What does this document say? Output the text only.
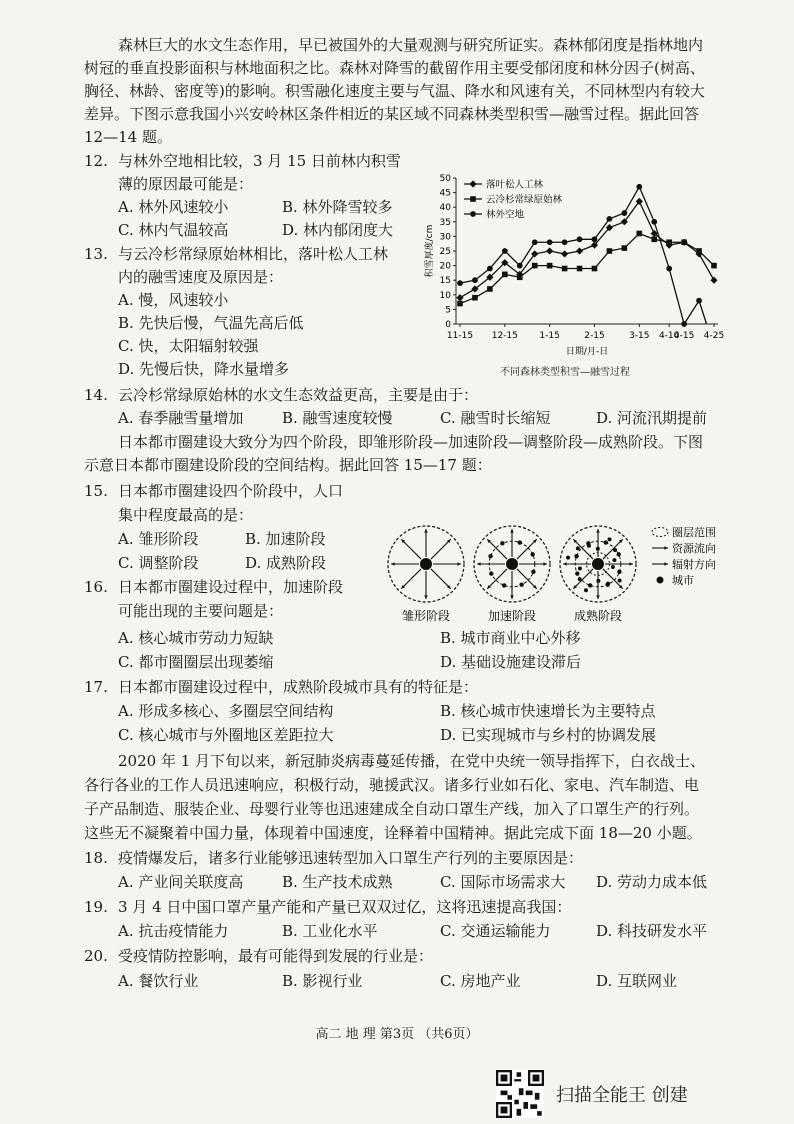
森林巨大的水文生态作用，早已被国外的大量观测与研究所证实。森林郁闭度是指林地内
树冠的垂直投影面积与林地面积之比。森林对降雪的截留作用主要受郁闭度和林分因子(树高、
胸径、林龄、密度等)的影响。积雪融化速度主要与气温、降水和风速有关，不同林型内有较大
差异。下图示意我国小兴安岭林区条件相近的某区域不同森林类型积雪—融雪过程。据此回答
12—14 题。
12. 与林外空地相比较，3 月 15 日前林内积雪
薄的原因最可能是：
A. 林外风速较小	B. 林外降雪较多
C. 林内气温较高	D. 林内郁闭度大
13. 与云冷杉常绿原始林相比，落叶松人工林
内的融雪速度及原因是：
A. 慢，风速较小
B. 先快后慢，气温先高后低
C. 快，太阳辐射较强
D. 先慢后快，降水量增多
0
5
10
15
20
25
30
35
40
45
50
11-15 12-15 1-15	2-15	3-15 4-10
4-15 4-25
日期/月-日
积雪厚度/cm
落叶松人工林
云冷杉常绿原始林
林外空地
不同森林类型积雪—融雪过程
14. 云冷杉常绿原始林的水文生态效益更高，主要是由于：
A. 春季融雪量增加	B. 融雪速度较慢	C. 融雪时长缩短	D. 河流汛期提前
日本都市圈建设大致分为四个阶段，即雏形阶段—加速阶段—调整阶段—成熟阶段。下图
示意日本都市圈建设阶段的空间结构。据此回答 15—17 题：
15. 日本都市圈建设四个阶段中，人口
集中程度最高的是：
A. 雏形阶段	B. 加速阶段
C. 调整阶段	D. 成熟阶段
雏形阶段	加速阶段	成熟阶段
圈层范围
资源流向
辐射方向
城市
16. 日本都市圈建设过程中，加速阶段
可能出现的主要问题是：
A. 核心城市劳动力短缺	B. 城市商业中心外移
C. 都市圈圈层出现萎缩	D. 基础设施建设滞后
17. 日本都市圈建设过程中，成熟阶段城市具有的特征是：
A. 形成多核心、多圈层空间结构	B. 核心城市快速增长为主要特点
C. 核心城市与外圈地区差距拉大	D. 已实现城市与乡村的协调发展
2020 年 1 月下旬以来，新冠肺炎病毒蔓延传播，在党中央统一领导指挥下，白衣战士、
各行各业的工作人员迅速响应，积极行动，驰援武汉。诸多行业如石化、家电、汽车制造、电
子产品制造、服装企业、母婴行业等也迅速建成全自动口罩生产线，加入了口罩生产的行列。
这些无不凝聚着中国力量，体现着中国速度，诠释着中国精神。据此完成下面 18—20 小题。
18. 疫情爆发后，诸多行业能够迅速转型加入口罩生产行列的主要原因是：
A. 产业间关联度高	B. 生产技术成熟	C. 国际市场需求大 D. 劳动力成本低
19. 3 月 4 日中国口罩产量产能和产量已双双过亿，这将迅速提高我国：
A. 抗击疫情能力	B. 工业化水平	C. 交通运输能力	D. 科技研发水平
20. 受疫情防控影响，最有可能得到发展的行业是：
A. 餐饮行业	B. 影视行业	C. 房地产业	D. 互联网业
高二 地 理 第3页 （共6页）
扫描全能王 创建
